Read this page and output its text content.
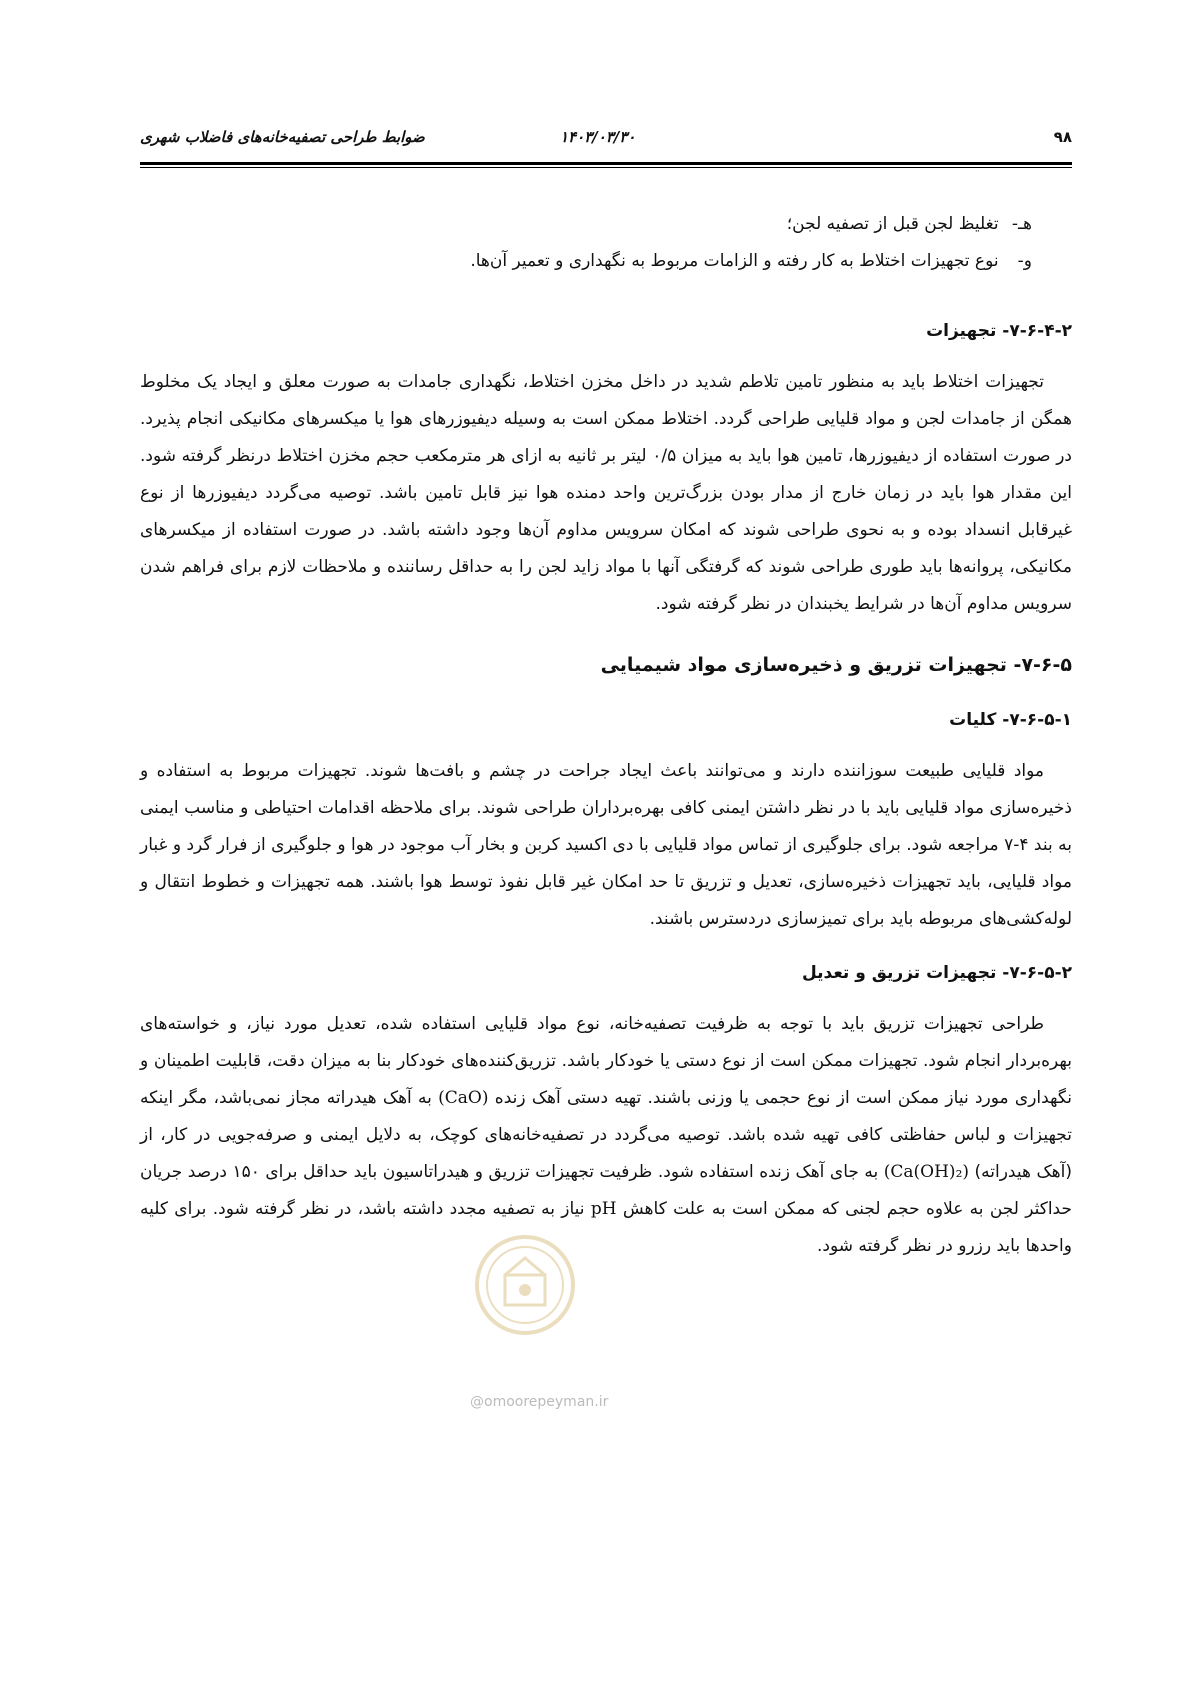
۹۸
۱۴۰۳/۰۳/۳۰
ضوابط طراحی تصفیه‌خانه‌های فاضلاب شهری
هـ- تغلیظ لجن قبل از تصفیه لجن؛
و- نوع تجهیزات اختلاط به کار رفته و الزامات مربوط به نگهداری و تعمیر آن‌ها.
۷-۶-۴-۲- تجهیزات

تجهیزات اختلاط باید به منظور تامین تلاطم شدید در داخل مخزن اختلاط، نگهداری جامدات به صورت معلق و ایجاد یک مخلوط همگن از جامدات لجن و مواد قلیایی طراحی گردد. اختلاط ممکن است به وسیله دیفیوزرهای هوا یا میکسرهای مکانیکی انجام پذیرد. در صورت استفاده از دیفیوزرها، تامین هوا باید به میزان ۰/۵ لیتر بر ثانیه به ازای هر مترمکعب حجم مخزن اختلاط درنظر گرفته شود. این مقدار هوا باید در زمان خارج از مدار بودن بزرگ‌ترین واحد دمنده هوا نیز قابل تامین باشد. توصیه می‌گردد دیفیوزرها از نوع غیرقابل انسداد بوده و به نحوی طراحی شوند که امکان سرویس مداوم آن‌ها وجود داشته باشد. در صورت استفاده از میکسرهای مکانیکی، پروانه‌ها باید طوری طراحی شوند که گرفتگی آنها با مواد زاید لجن را به حداقل رساننده و ملاحظات لازم برای فراهم شدن سرویس مداوم آن‌ها در شرایط یخبندان در نظر گرفته شود.

۷-۶-۵- تجهیزات تزریق و ذخیره‌سازی مواد شیمیایی
۷-۶-۵-۱- کلیات

مواد قلیایی طبیعت سوزاننده دارند و می‌توانند باعث ایجاد جراحت در چشم و بافت‌ها شوند. تجهیزات مربوط به استفاده و ذخیره‌سازی مواد قلیایی باید با در نظر داشتن ایمنی کافی بهره‌برداران طراحی شوند. برای ملاحظه اقدامات احتیاطی و مناسب ایمنی به بند ۴-۷ مراجعه شود. برای جلوگیری از تماس مواد قلیایی با دی اکسید کربن و بخار آب موجود در هوا و جلوگیری از فرار گرد و غبار مواد قلیایی، باید تجهیزات ذخیره‌سازی، تعدیل و تزریق تا حد امکان غیر قابل نفوذ توسط هوا باشند. همه تجهیزات و خطوط انتقال و لوله‌کشی‌های مربوطه باید برای تمیزسازی دردسترس باشند.

۷-۶-۵-۲- تجهیزات تزریق و تعدیل

طراحی تجهیزات تزریق باید با توجه به ظرفیت تصفیه‌خانه، نوع مواد قلیایی استفاده شده، تعدیل مورد نیاز، و خواسته‌های بهره‌بردار انجام شود. تجهیزات ممکن است از نوع دستی یا خودکار باشد. تزریق‌کننده‌های خودکار بنا به میزان دقت، قابلیت اطمینان و نگهداری مورد نیاز ممکن است از نوع حجمی یا وزنی باشند. تهیه دستی آهک زنده (CaO) به آهک هیدراته مجاز نمی‌باشد، مگر اینکه تجهیزات و لباس حفاظتی کافی تهیه شده باشد. توصیه می‌گردد در تصفیه‌خانه‌های کوچک، به دلایل ایمنی و صرفه‌جویی در کار، از (آهک هیدراته) (Ca(OH)₂) به جای آهک زنده استفاده شود. ظرفیت تجهیزات تزریق و هیدراتاسیون باید حداقل برای ۱۵۰ درصد جریان حداکثر لجن به علاوه حجم لجنی که ممکن است به علت کاهش pH نیاز به تصفیه مجدد داشته باشد، در نظر گرفته شود. برای کلیه واحدها باید رزرو در نظر گرفته شود.

@omoorepeyman.ir
